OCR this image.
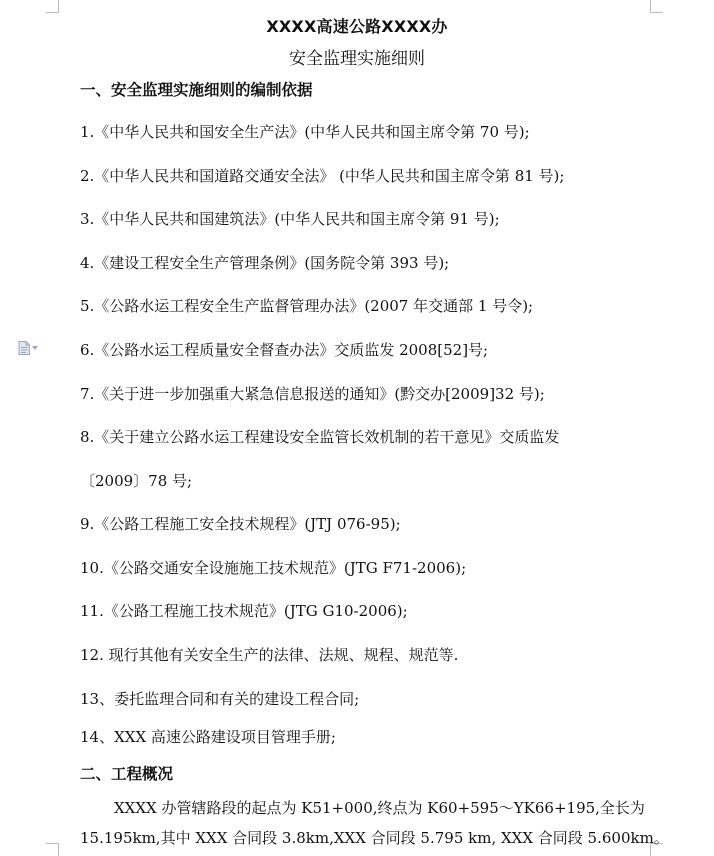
XXXX高速公路XXXX办
安全监理实施细则
一、安全监理实施细则的编制依据
1.《中华人民共和国安全生产法》(中华人民共和国主席令第 70 号);
2.《中华人民共和国道路交通安全法》 (中华人民共和国主席令第 81 号);
3.《中华人民共和国建筑法》(中华人民共和国主席令第 91 号);
4.《建设工程安全生产管理条例》(国务院令第 393 号);
5.《公路水运工程安全生产监督管理办法》(2007 年交通部 1 号令);
6.《公路水运工程质量安全督查办法》交质监发 2008[52]号;
7.《关于进一步加强重大紧急信息报送的通知》(黔交办[2009]32 号);
8.《关于建立公路水运工程建设安全监管长效机制的若干意见》交质监发
〔2009〕78 号;
9.《公路工程施工安全技术规程》(JTJ 076-95);
10.《公路交通安全设施施工技术规范》(JTG F71-2006);
11.《公路工程施工技术规范》(JTG G10-2006);
12. 现行其他有关安全生产的法律、法规、规程、规范等.
13、委托监理合同和有关的建设工程合同;
14、XXX 高速公路建设项目管理手册;
二、工程概况
XXXX 办管辖路段的起点为 K51+000,终点为 K60+595～YK66+195,全长为
15.195km,其中 XXX 合同段 3.8km,XXX 合同段 5.795 km, XXX 合同段 5.600km。
